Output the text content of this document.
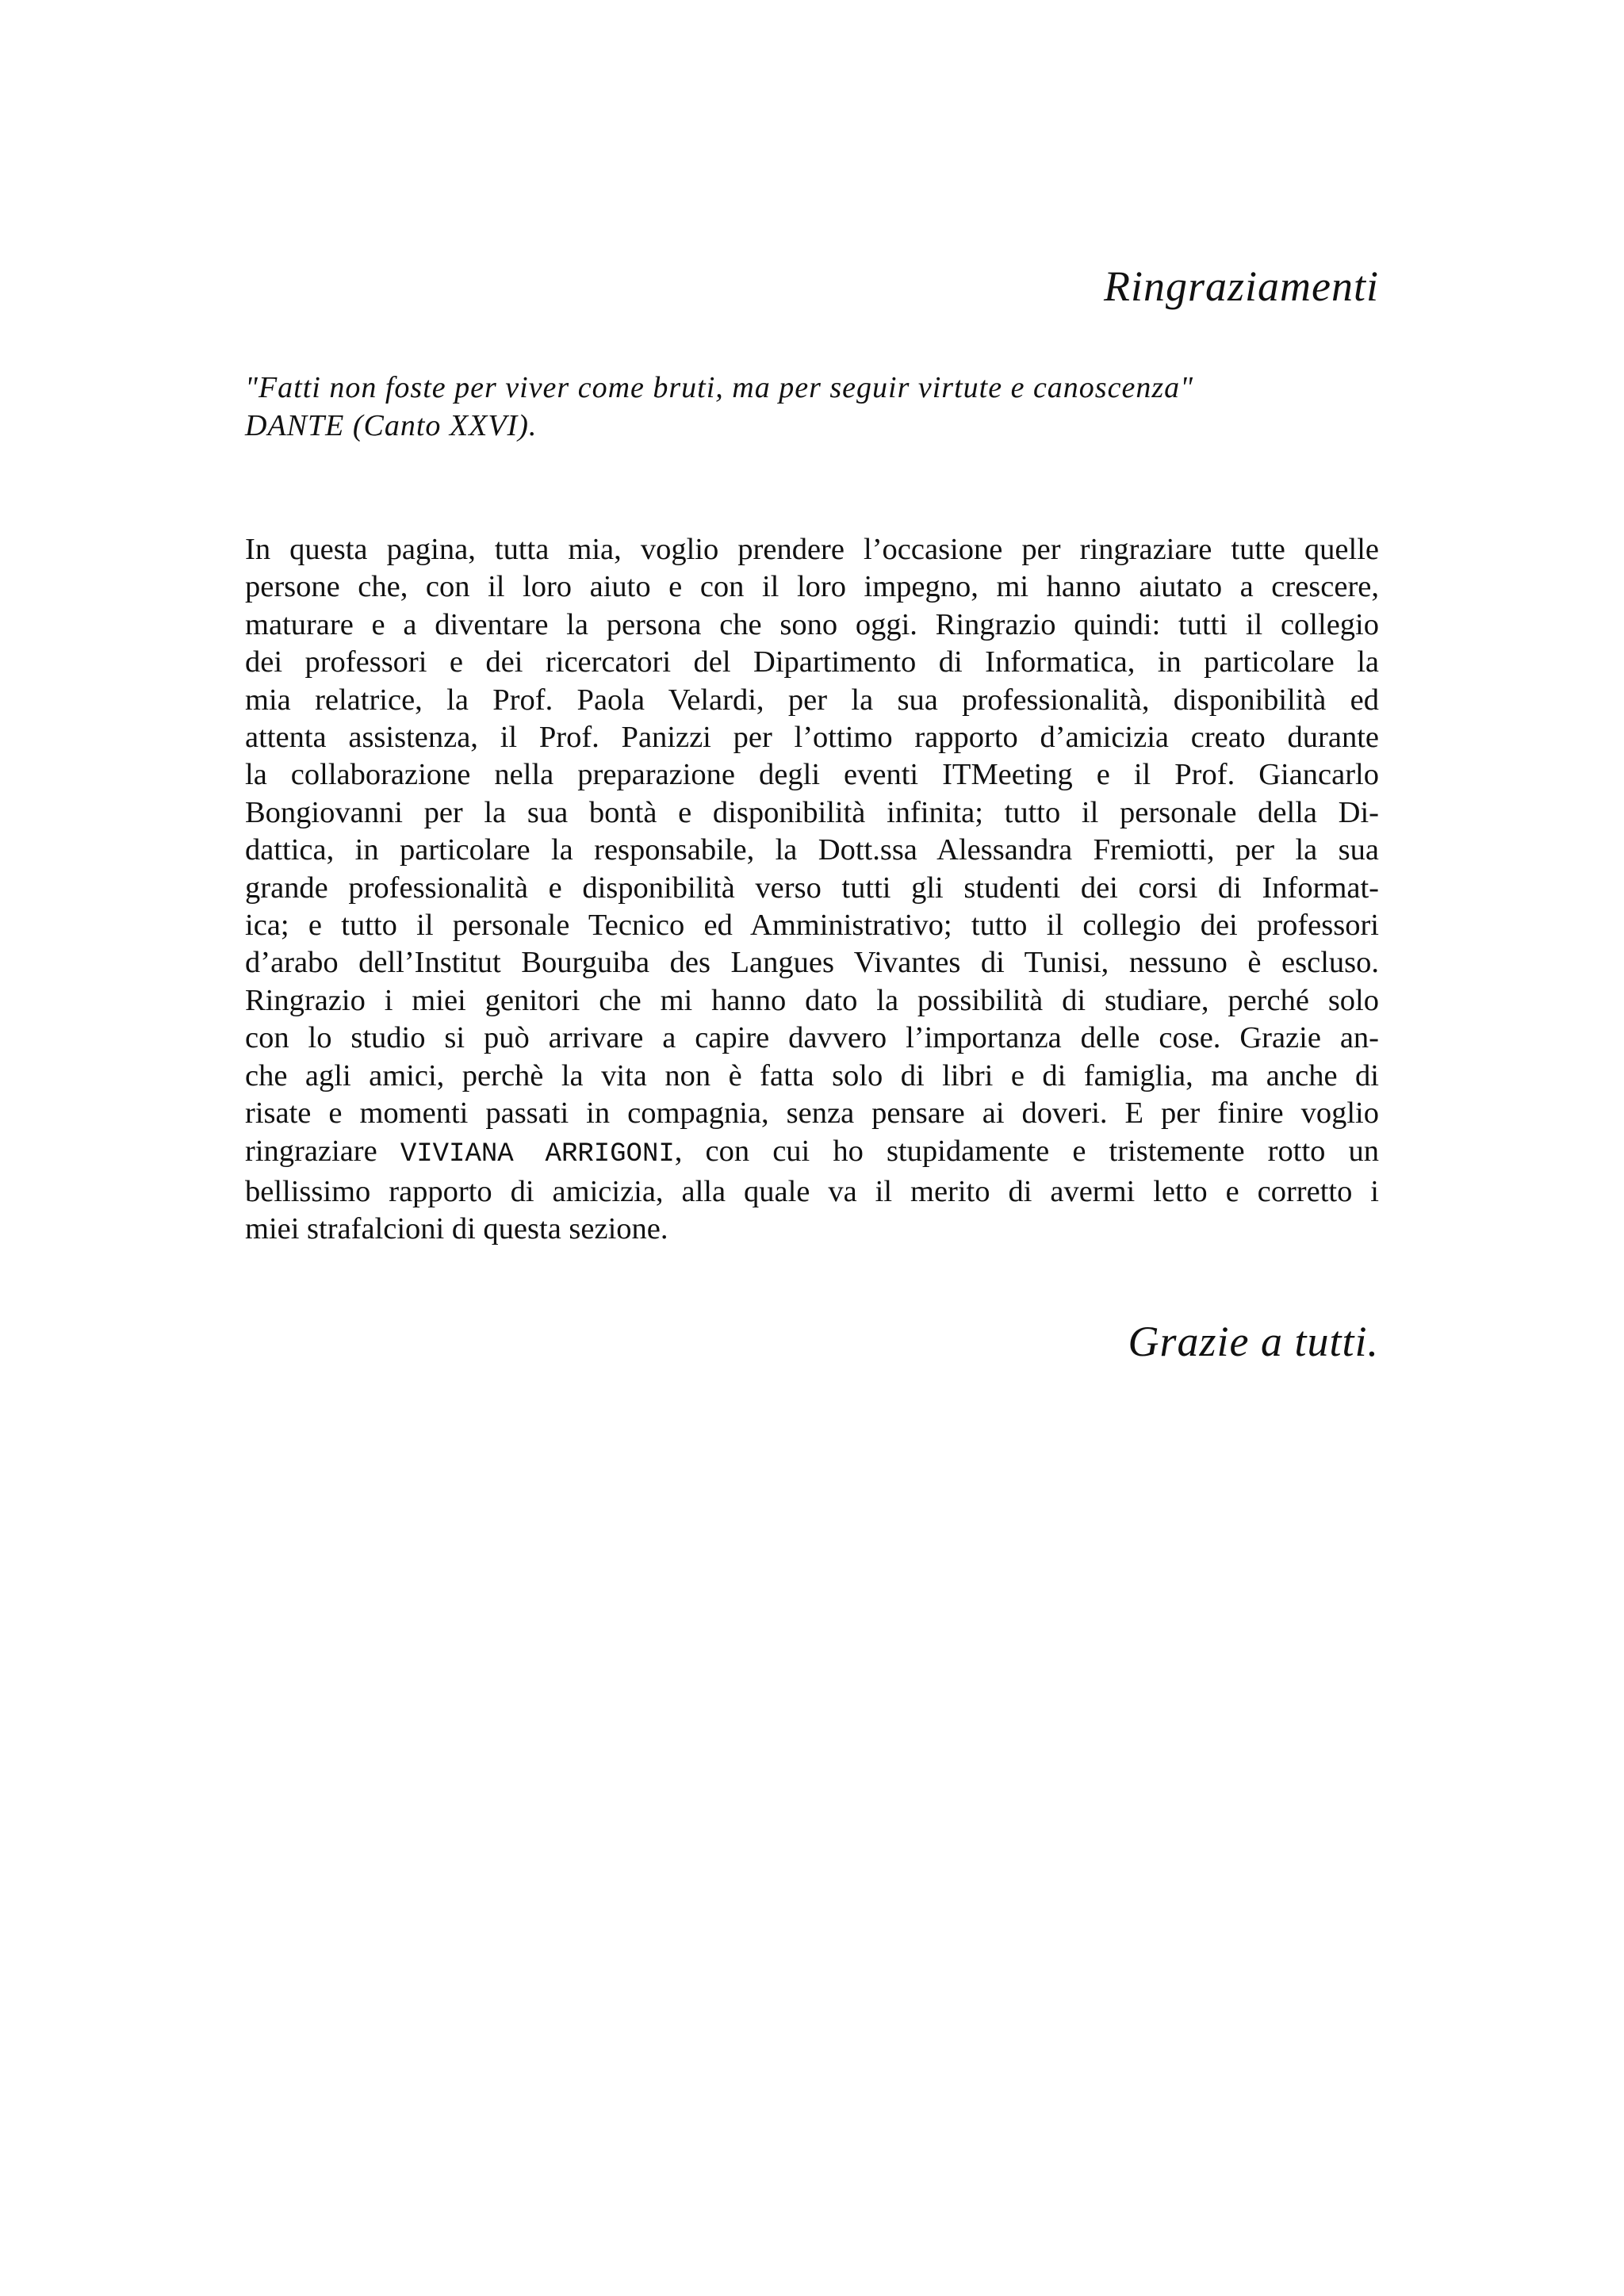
Ringraziamenti
"Fatti non foste per viver come bruti, ma per seguir virtute e canoscenza"
DANTE (Canto XXVI).
In questa pagina, tutta mia, voglio prendere l’occasione per ringraziare tutte quelle
persone che, con il loro aiuto e con il loro impegno, mi hanno aiutato a crescere,
maturare e a diventare la persona che sono oggi. Ringrazio quindi: tutti il collegio
dei professori e dei ricercatori del Dipartimento di Informatica, in particolare la
mia relatrice, la Prof. Paola Velardi, per la sua professionalità, disponibilità ed
attenta assistenza, il Prof. Panizzi per l’ottimo rapporto d’amicizia creato durante
la collaborazione nella preparazione degli eventi ITMeeting e il Prof. Giancarlo
Bongiovanni per la sua bontà e disponibilità infinita; tutto il personale della Di-
dattica, in particolare la responsabile, la Dott.ssa Alessandra Fremiotti, per la sua
grande professionalità e disponibilità verso tutti gli studenti dei corsi di Informat-
ica; e tutto il personale Tecnico ed Amministrativo; tutto il collegio dei professori
d’arabo dell’Institut Bourguiba des Langues Vivantes di Tunisi, nessuno è escluso.
Ringrazio i miei genitori che mi hanno dato la possibilità di studiare, perché solo
con lo studio si può arrivare a capire davvero l’importanza delle cose. Grazie an-
che agli amici, perchè la vita non è fatta solo di libri e di famiglia, ma anche di
risate e momenti passati in compagnia, senza pensare ai doveri. E per finire voglio
ringraziare VIVIANA ARRIGONI, con cui ho stupidamente e tristemente rotto un
bellissimo rapporto di amicizia, alla quale va il merito di avermi letto e corretto i
miei strafalcioni di questa sezione.

Grazie a tutti.
